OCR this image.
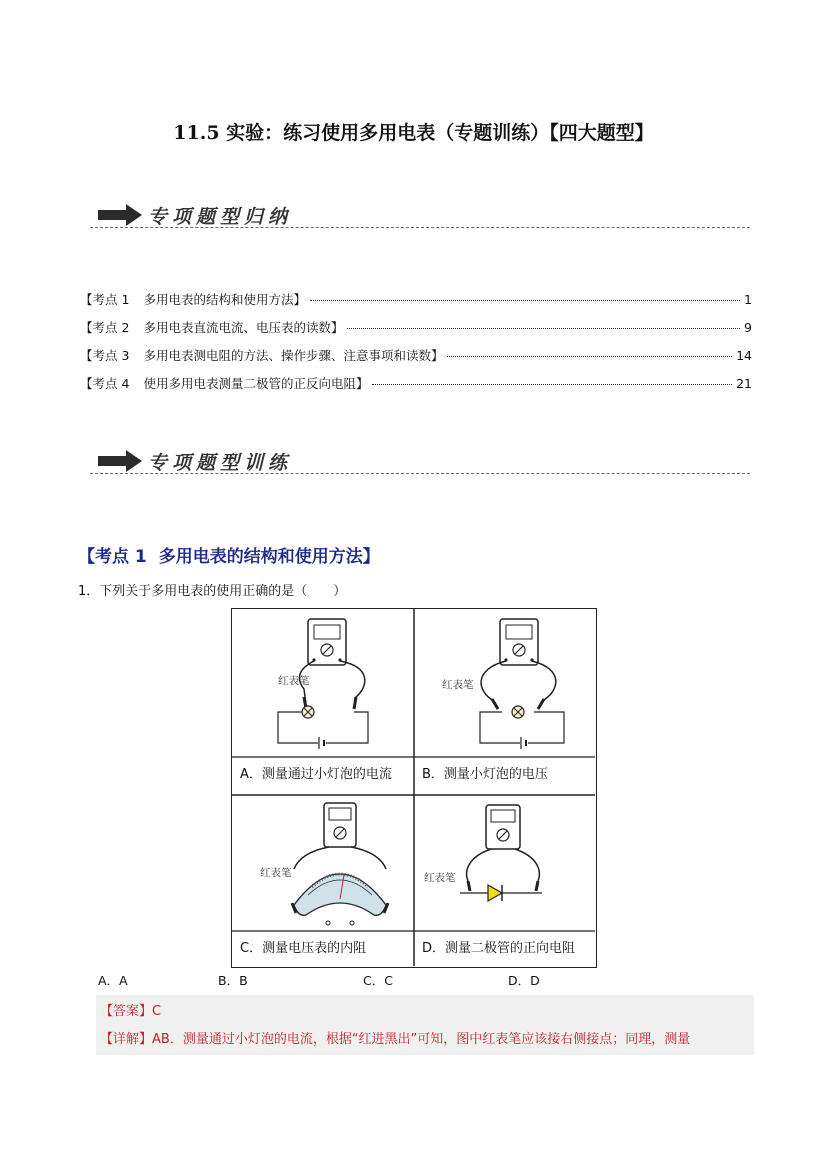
11.5 实验：练习使用多用电表（专题训练）【四大题型】
专项题型归纳
【考点 1 多用电表的结构和使用方法】	1
【考点 2 多用电表直流电流、电压表的读数】	9
【考点 3 多用电表测电阻的方法、操作步骤、注意事项和读数】	14
【考点 4 使用多用电表测量二极管的正反向电阻】	21
专项题型训练
【考点 1 多用电表的结构和使用方法】
1．下列关于多用电表的使用正确的是（　　）
红表笔	红表笔
A．测量通过小灯泡的电流	B．测量小灯泡的电压
红表笔	红表笔
C．测量电压表的内阻	D．测量二极管的正向电阻
A．A	B．B	C．C	D．D
【答案】C
【详解】AB．测量通过小灯泡的电流，根据“红进黑出”可知，图中红表笔应该接右侧接点；同理，测量
